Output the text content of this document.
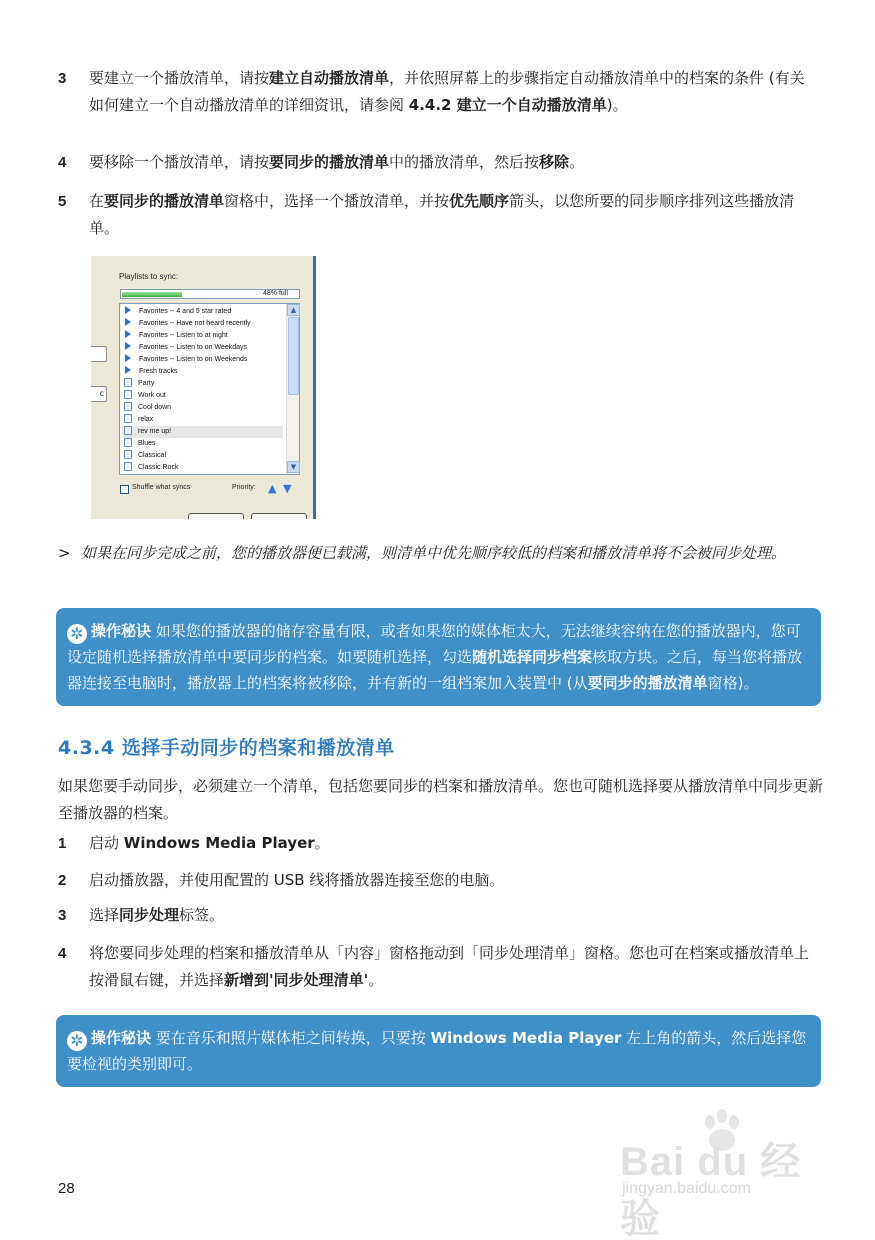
3 要建立一个播放清单，请按建立自动播放清单，并依照屏幕上的步骤指定自动播放清单中的档案的条件 (有关如何建立一个自动播放清单的详细资讯，请参阅 4.4.2 建立一个自动播放清单)。
4 要移除一个播放清单，请按要同步的播放清单中的播放清单，然后按移除。
5 在要同步的播放清单窗格中，选择一个播放清单，并按优先顺序箭头，以您所要的同步顺序排列这些播放清单。
c
Playlists to sync:
48% full
▲
▼
Favorites -- 4 and 5 star rated
Favorites -- Have not heard recently
Favorites -- Listen to at night
Favorites -- Listen to on Weekdays
Favorites -- Listen to on Weekends
Fresh tracks
Party
Work out
Cool down
relax
rev me up!
Blues
Classical
Classic Rock
Shuffle what syncs	Priority: ▲ ▼
> 如果在同步完成之前，您的播放器便已载满，则清单中优先顺序较低的档案和播放清单将不会被同步处理。
✲ 操作秘诀 如果您的播放器的储存容量有限，或者如果您的媒体柜太大，无法继续容纳在您的播放器内，您可设定随机选择播放清单中要同步的档案。如要随机选择，勾选随机选择同步档案核取方块。之后，每当您将播放器连接至电脑时，播放器上的档案将被移除，并有新的一组档案加入装置中 (从要同步的播放清单窗格)。
4.3.4 选择手动同步的档案和播放清单
如果您要手动同步，必须建立一个清单，包括您要同步的档案和播放清单。您也可随机选择要从播放清单中同步更新至播放器的档案。
1 启动 Windows Media Player。
2 启动播放器，并使用配置的 USB 线将播放器连接至您的电脑。
3 选择同步处理标签。
4 将您要同步处理的档案和播放清单从「内容」窗格拖动到「同步处理清单」窗格。您也可在档案或播放清单上按滑鼠右键，并选择新增到'同步处理清单'。
✲ 操作秘诀 要在音乐和照片媒体柜之间转换，只要按 Windows Media Player 左上角的箭头，然后选择您要检视的类别即可。
28
Bai du 经验
jingyan.baidu.com
